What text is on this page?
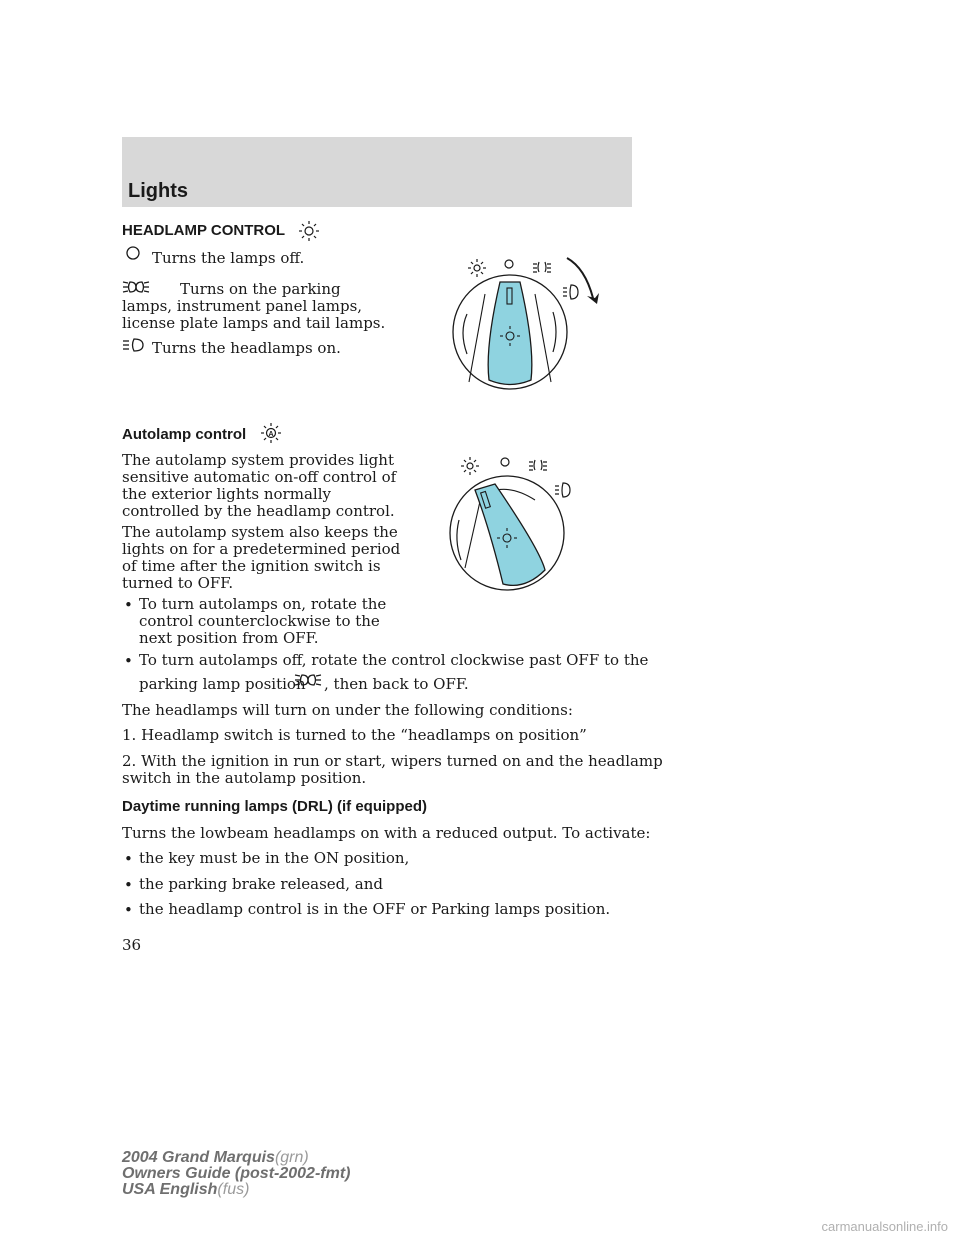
Lights
HEADLAMP CONTROL
Turns the lamps off.
Turns on the parking
lamps, instrument panel lamps,
license plate lamps and tail lamps.
Turns the headlamps on.
Autolamp control	A
The autolamp system provides light
sensitive automatic on-off control of
the exterior lights normally
controlled by the headlamp control.
The autolamp system also keeps the
lights on for a predetermined period
of time after the ignition switch is
turned to OFF.
• To turn autolamps on, rotate the
control counterclockwise to the
next position from OFF.
• To turn autolamps off, rotate the control clockwise past OFF to the
parking lamp position , then back to OFF.
The headlamps will turn on under the following conditions:
1. Headlamp switch is turned to the “headlamps on position”
2. With the ignition in run or start, wipers turned on and the headlamp
switch in the autolamp position.
Daytime running lamps (DRL) (if equipped)
Turns the lowbeam headlamps on with a reduced output. To activate:
• the key must be in the ON position,
• the parking brake released, and
• the headlamp control is in the OFF or Parking lamps position.
36
2004 Grand Marquis(grn)
Owners Guide (post-2002-fmt)
USA English(fus)
carmanualsonline.info
